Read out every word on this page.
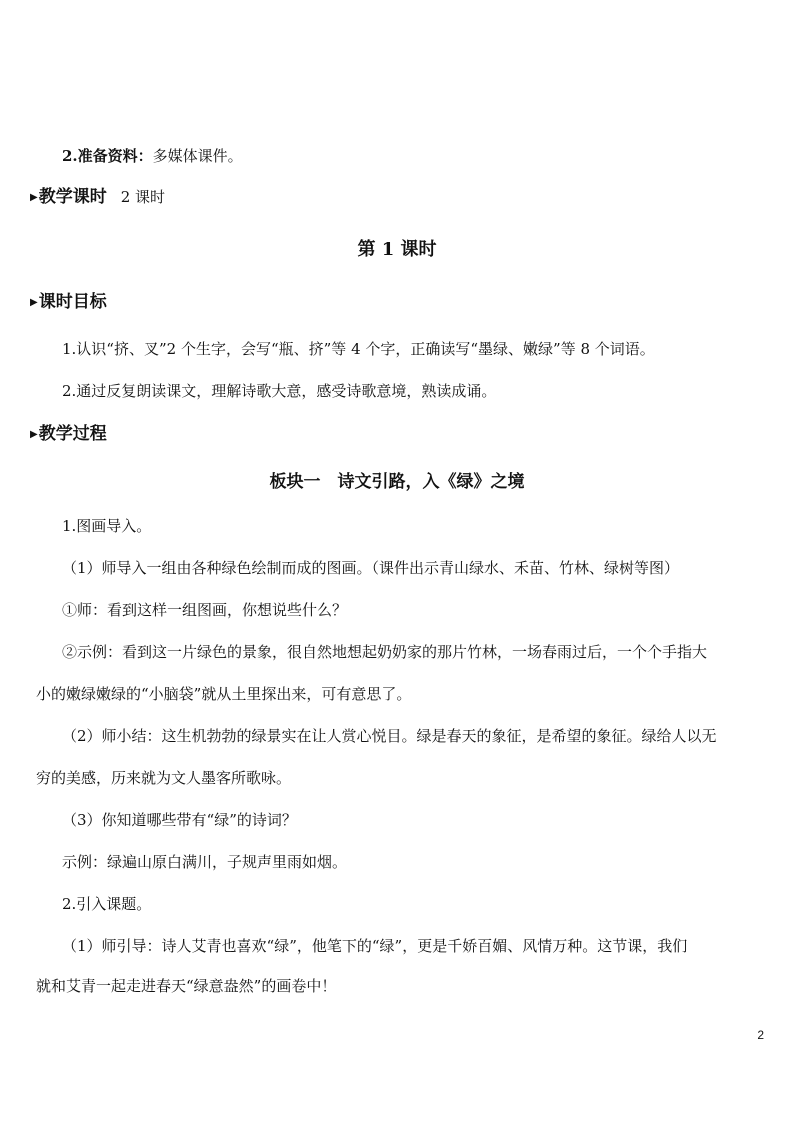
2.准备资料：多媒体课件。
▶教学课时 2 课时
第 1 课时
▶课时目标
1.认识“挤、叉”2 个生字，会写“瓶、挤”等 4 个字，正确读写“墨绿、嫩绿”等 8 个词语。
2.通过反复朗读课文，理解诗歌大意，感受诗歌意境，熟读成诵。
▶教学过程
板块一　诗文引路，入《绿》之境
1.图画导入。
（1）师导入一组由各种绿色绘制而成的图画。（课件出示青山绿水、禾苗、竹林、绿树等图）
①师：看到这样一组图画，你想说些什么？
②示例：看到这一片绿色的景象，很自然地想起奶奶家的那片竹林，一场春雨过后，一个个手指大
小的嫩绿嫩绿的“小脑袋”就从土里探出来，可有意思了。
（2）师小结：这生机勃勃的绿景实在让人赏心悦目。绿是春天的象征，是希望的象征。绿给人以无
穷的美感，历来就为文人墨客所歌咏。
（3）你知道哪些带有“绿”的诗词？
示例：绿遍山原白满川，子规声里雨如烟。
2.引入课题。
（1）师引导：诗人艾青也喜欢“绿”，他笔下的“绿”，更是千娇百媚、风情万种。这节课，我们
就和艾青一起走进春天“绿意盎然”的画卷中！
2
